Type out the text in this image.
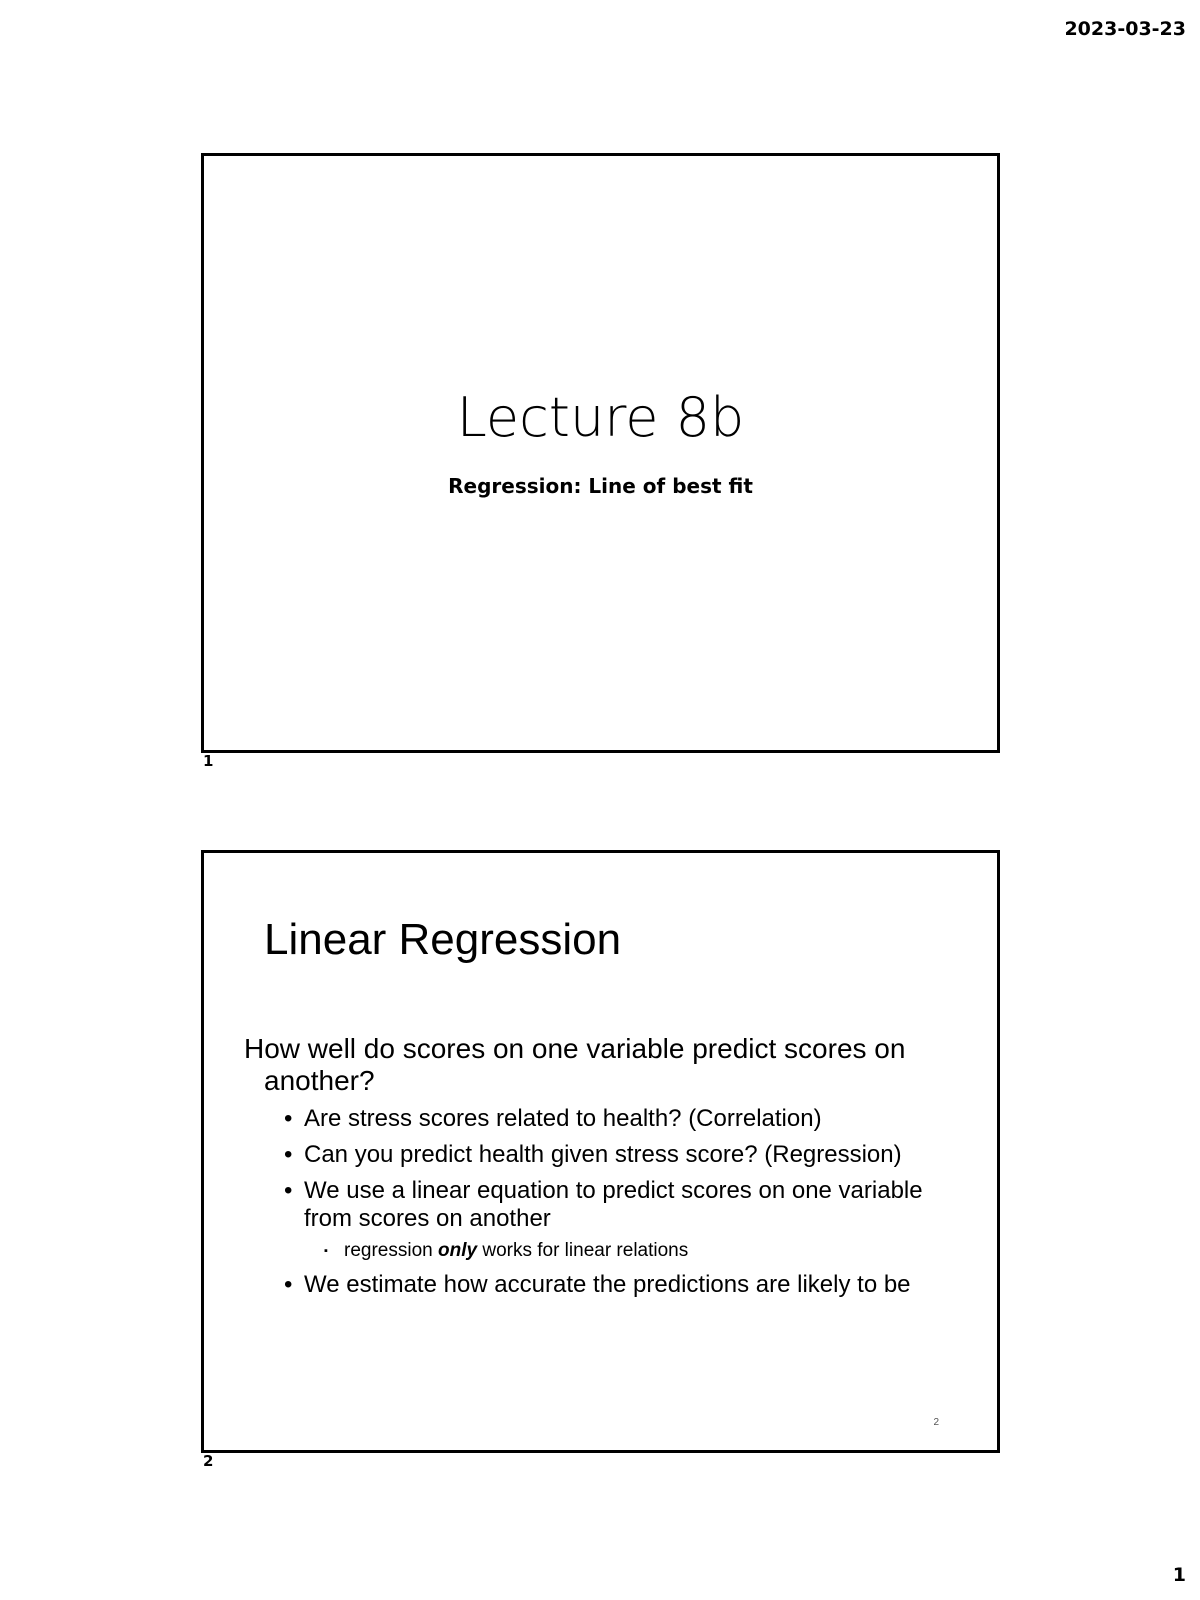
2023-03-23
Lecture 8b
Regression: Line of best fit
1
Linear Regression
How well do scores on one variable predict scores on another?
• Are stress scores related to health? (Correlation)
• Can you predict health given stress score? (Regression)
• We use a linear equation to predict scores on one variable from scores on another
▪ regression only works for linear relations
• We estimate how accurate the predictions are likely to be
2
2
1
